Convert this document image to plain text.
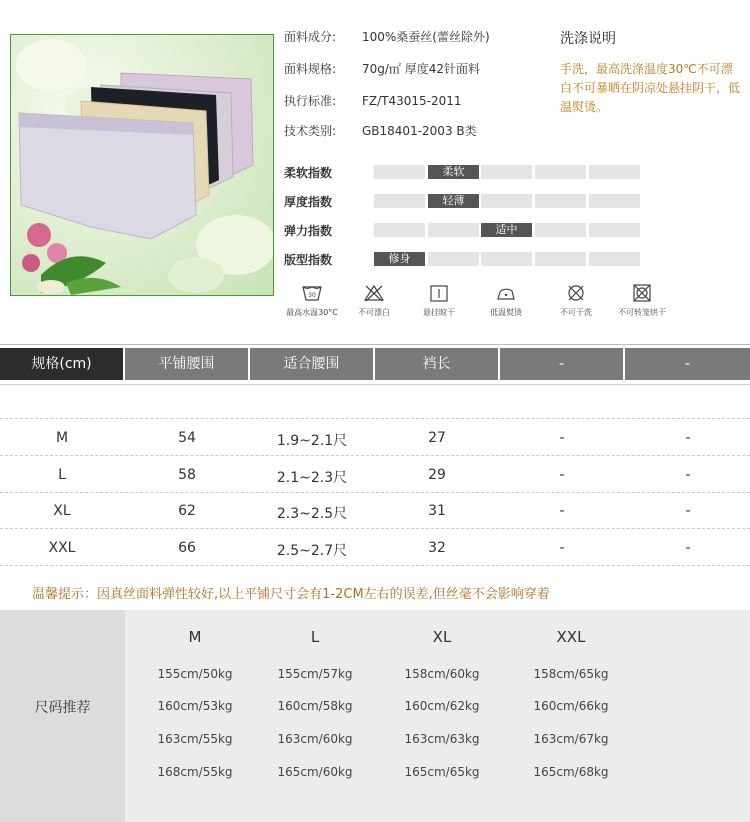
面料成分: 100%桑蚕丝(蕾丝除外)
面料规格: 70g/㎡ 厚度42针面料
执行标准: FZ/T43015-2011
技术类别: GB18401-2003 B类
洗涤说明
手洗，最高洗涤温度30℃不可漂白不可暴晒在阴凉处悬挂阴干，低温熨烫。
柔软指数
厚度指数
弹力指数
版型指数
柔软
轻薄
适中
修身
30
最高水温30°C	不可漂白	悬挂晾干	低温熨烫	不可干洗	不可转笼烘干
规格(cm)	平铺腰围	适合腰围	裆长	-	-
M	54	1.9~2.1尺	27	-	-
L	58	2.1~2.3尺	29	-	-
XL	62	2.3~2.5尺	31	-	-
XXL	66	2.5~2.7尺	32	-	-
温馨提示：因真丝面料弹性较好,以上平铺尺寸会有1-2CM左右的误差,但丝毫不会影响穿着
尺码推荐
M	L	XL	XXL
155cm/50kg	155cm/57kg	158cm/60kg	158cm/65kg
160cm/53kg	160cm/58kg	160cm/62kg	160cm/66kg
163cm/55kg	163cm/60kg	163cm/63kg	163cm/67kg
168cm/55kg	165cm/60kg	165cm/65kg	165cm/68kg
